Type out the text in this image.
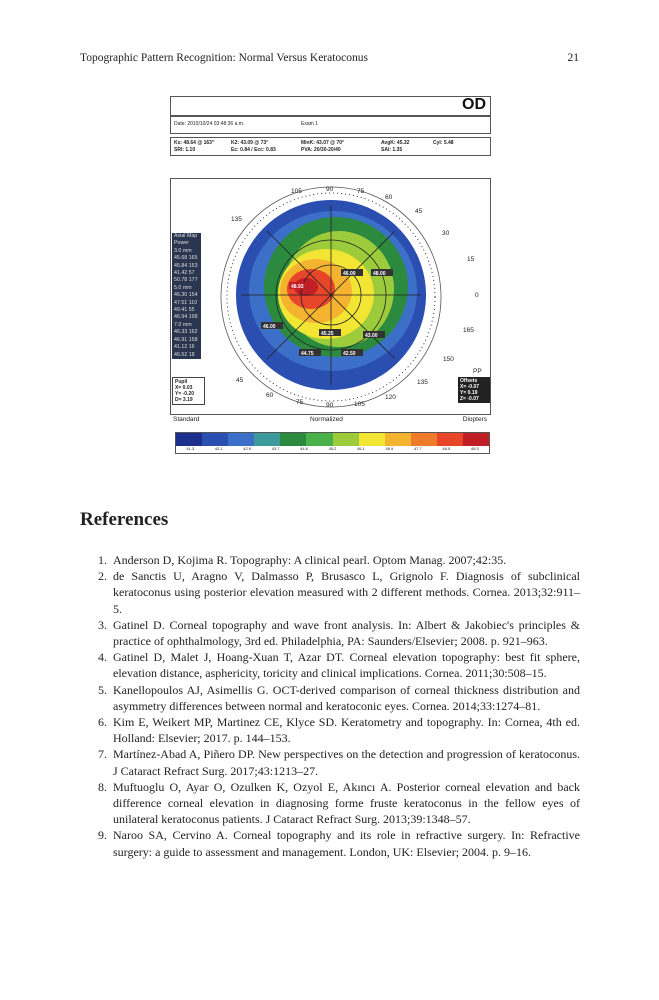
Topographic Pattern Recognition: Normal Versus Keratoconus	21
OD
Date: 2010/10/24 03:48:36 a.m.	Exam 1
Ks: 48.64 @ 163°	K2: 43.09 @ 73°	MinK: 43.07 @ 70°	AvgK: 45.32	Cyl: 5.48
SRI: 1.10	Ec: 0.84 / Ecc: 0.83	PVA: 20/30-20/40	SAI: 1.35
105	90	75
60
45
30
15
0
165
150
135
120
105
90
75
60
45
135
48.93
46.00	48.00
46.00
45.25
44.75	42.50
43.00
Axial Map
Power
3.0 mm
45.68 165
45.84 153
41.42 57
50.78 177
5.0 mm
46.30 154
47.51 110
49.41 55
46.94 198
7.0 mm
46.33 162
46.91 158
41.12 16
46.52 18
Pupil
X= 0.03
Y= -0.20
D= 3.19
PP
Offsets
X= -0.07
Y= 0.19
Z= -0.07
Standard	Normalized	Diopters
41.3	42.1	42.9	43.7	44.6	45.2	46.1	46.9	47.7	48.5	49.3
References
1. Anderson D, Kojima R. Topography: A clinical pearl. Optom Manag. 2007;42:35.
2. de Sanctis U, Aragno V, Dalmasso P, Brusasco L, Grignolo F. Diagnosis of subclinical keratoconus using posterior elevation measured with 2 different methods. Cornea. 2013;32:911–5.
3. Gatinel D. Corneal topography and wave front analysis. In: Albert & Jakobiec's principles & practice of ophthalmology, 3rd ed. Philadelphia, PA: Saunders/Elsevier; 2008. p. 921–963.
4. Gatinel D, Malet J, Hoang-Xuan T, Azar DT. Corneal elevation topography: best fit sphere, elevation distance, asphericity, toricity and clinical implications. Cornea. 2011;30:508–15.
5. Kanellopoulos AJ, Asimellis G. OCT-derived comparison of corneal thickness distribution and asymmetry differences between normal and keratoconic eyes. Cornea. 2014;33:1274–81.
6. Kim E, Weikert MP, Martinez CE, Klyce SD. Keratometry and topography. In: Cornea, 4th ed. Holland: Elsevier; 2017. p. 144–153.
7. Martínez-Abad A, Piñero DP. New perspectives on the detection and progression of keratoconus. J Cataract Refract Surg. 2017;43:1213–27.
8. Muftuoglu O, Ayar O, Ozulken K, Ozyol E, Akıncı A. Posterior corneal elevation and back difference corneal elevation in diagnosing forme fruste keratoconus in the fellow eyes of unilateral keratoconus patients. J Cataract Refract Surg. 2013;39:1348–57.
9. Naroo SA, Cervino A. Corneal topography and its role in refractive surgery. In: Refractive surgery: a guide to assessment and management. London, UK: Elsevier; 2004. p. 9–16.
